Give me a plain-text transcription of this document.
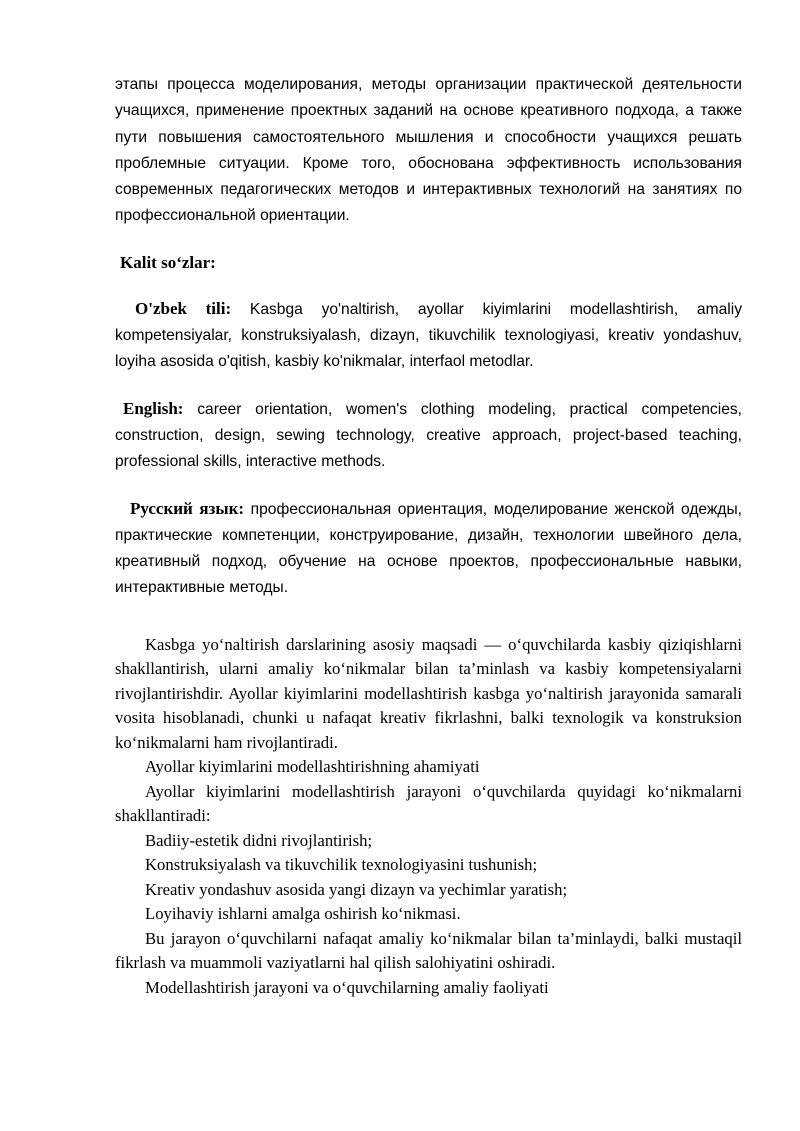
этапы процесса моделирования, методы организации практической деятельности учащихся, применение проектных заданий на основе креативного подхода, а также пути повышения самостоятельного мышления и способности учащихся решать проблемные ситуации. Кроме того, обоснована эффективность использования современных педагогических методов и интерактивных технологий на занятиях по профессиональной ориентации.

Kalit so‘zlar:

O'zbek tili: Kasbga yo'naltirish, ayollar kiyimlarini modellashtirish, amaliy kompetensiyalar, konstruksiyalash, dizayn, tikuvchilik texnologiyasi, kreativ yondashuv, loyiha asosida o'qitish, kasbiy ko'nikmalar, interfaol metodlar.

English: career orientation, women's clothing modeling, practical competencies, construction, design, sewing technology, creative approach, project-based teaching, professional skills, interactive methods.

Русский язык: профессиональная ориентация, моделирование женской одежды, практические компетенции, конструирование, дизайн, технологии швейного дела, креативный подход, обучение на основе проектов, профессиональные навыки, интерактивные методы.

Kasbga yo‘naltirish darslarining asosiy maqsadi — o‘quvchilarda kasbiy qiziqishlarni shakllantirish, ularni amaliy ko‘nikmalar bilan ta’minlash va kasbiy kompetensiyalarni rivojlantirishdir. Ayollar kiyimlarini modellashtirish kasbga yo‘naltirish jarayonida samarali vosita hisoblanadi, chunki u nafaqat kreativ fikrlashni, balki texnologik va konstruksion ko‘nikmalarni ham rivojlantiradi.

Ayollar kiyimlarini modellashtirishning ahamiyati

Ayollar kiyimlarini modellashtirish jarayoni o‘quvchilarda quyidagi ko‘nikmalarni shakllantiradi:

Badiiy-estetik didni rivojlantirish;

Konstruksiyalash va tikuvchilik texnologiyasini tushunish;

Kreativ yondashuv asosida yangi dizayn va yechimlar yaratish;

Loyihaviy ishlarni amalga oshirish ko‘nikmasi.

Bu jarayon o‘quvchilarni nafaqat amaliy ko‘nikmalar bilan ta’minlaydi, balki mustaqil fikrlash va muammoli vaziyatlarni hal qilish salohiyatini oshiradi.

Modellashtirish jarayoni va o‘quvchilarning amaliy faoliyati
